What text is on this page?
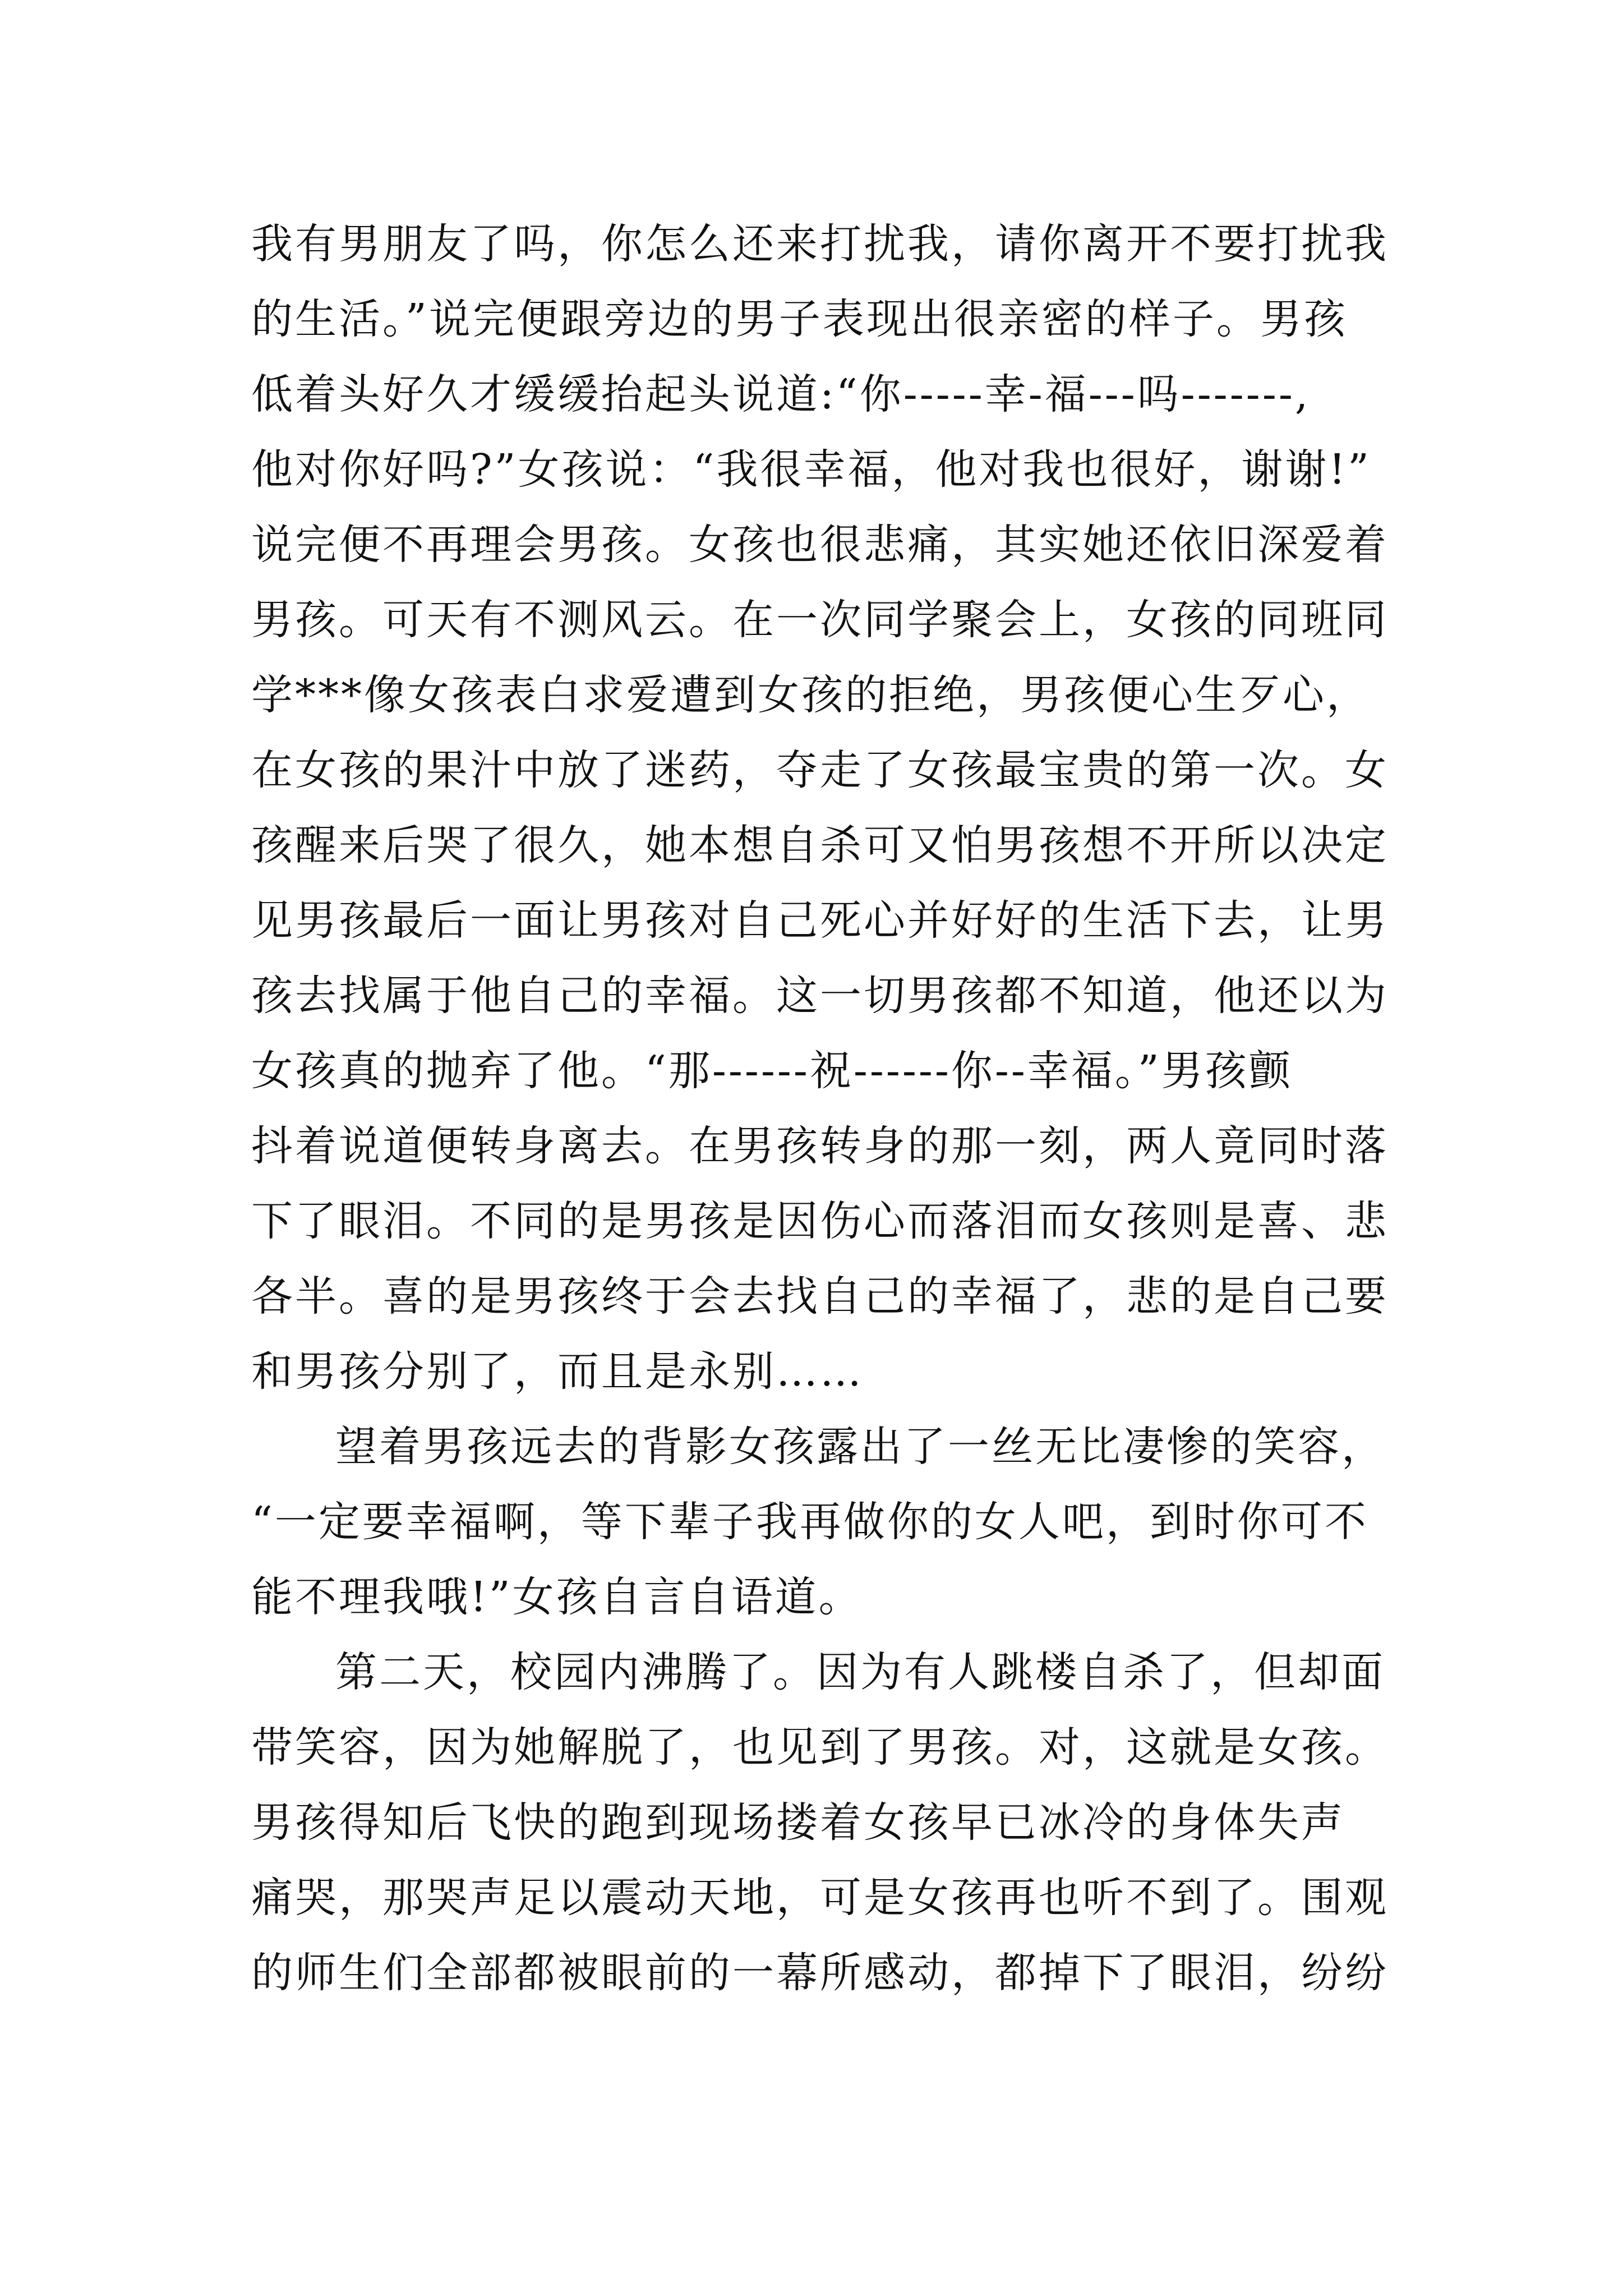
我有男朋友了吗，你怎么还来打扰我，请你离开不要打扰我
的生活。”说完便跟旁边的男子表现出很亲密的样子。男孩
低着头好久才缓缓抬起头说道:“你-----幸-福---吗-------,
他对你好吗?”女孩说：“我很幸福，他对我也很好，谢谢!”
说完便不再理会男孩。女孩也很悲痛，其实她还依旧深爱着
男孩。可天有不测风云。在一次同学聚会上，女孩的同班同
学***像女孩表白求爱遭到女孩的拒绝，男孩便心生歹心，
在女孩的果汁中放了迷药，夺走了女孩最宝贵的第一次。女
孩醒来后哭了很久，她本想自杀可又怕男孩想不开所以决定
见男孩最后一面让男孩对自己死心并好好的生活下去，让男
孩去找属于他自己的幸福。这一切男孩都不知道，他还以为
女孩真的抛弃了他。“那------祝------你--幸福。”男孩颤
抖着说道便转身离去。在男孩转身的那一刻，两人竟同时落
下了眼泪。不同的是男孩是因伤心而落泪而女孩则是喜、悲
各半。喜的是男孩终于会去找自己的幸福了，悲的是自己要
和男孩分别了，而且是永别……
望着男孩远去的背影女孩露出了一丝无比凄惨的笑容，
“一定要幸福啊，等下辈子我再做你的女人吧，到时你可不
能不理我哦!”女孩自言自语道。
第二天，校园内沸腾了。因为有人跳楼自杀了，但却面
带笑容，因为她解脱了，也见到了男孩。对，这就是女孩。
男孩得知后飞快的跑到现场搂着女孩早已冰冷的身体失声
痛哭，那哭声足以震动天地，可是女孩再也听不到了。围观
的师生们全部都被眼前的一幕所感动，都掉下了眼泪，纷纷
